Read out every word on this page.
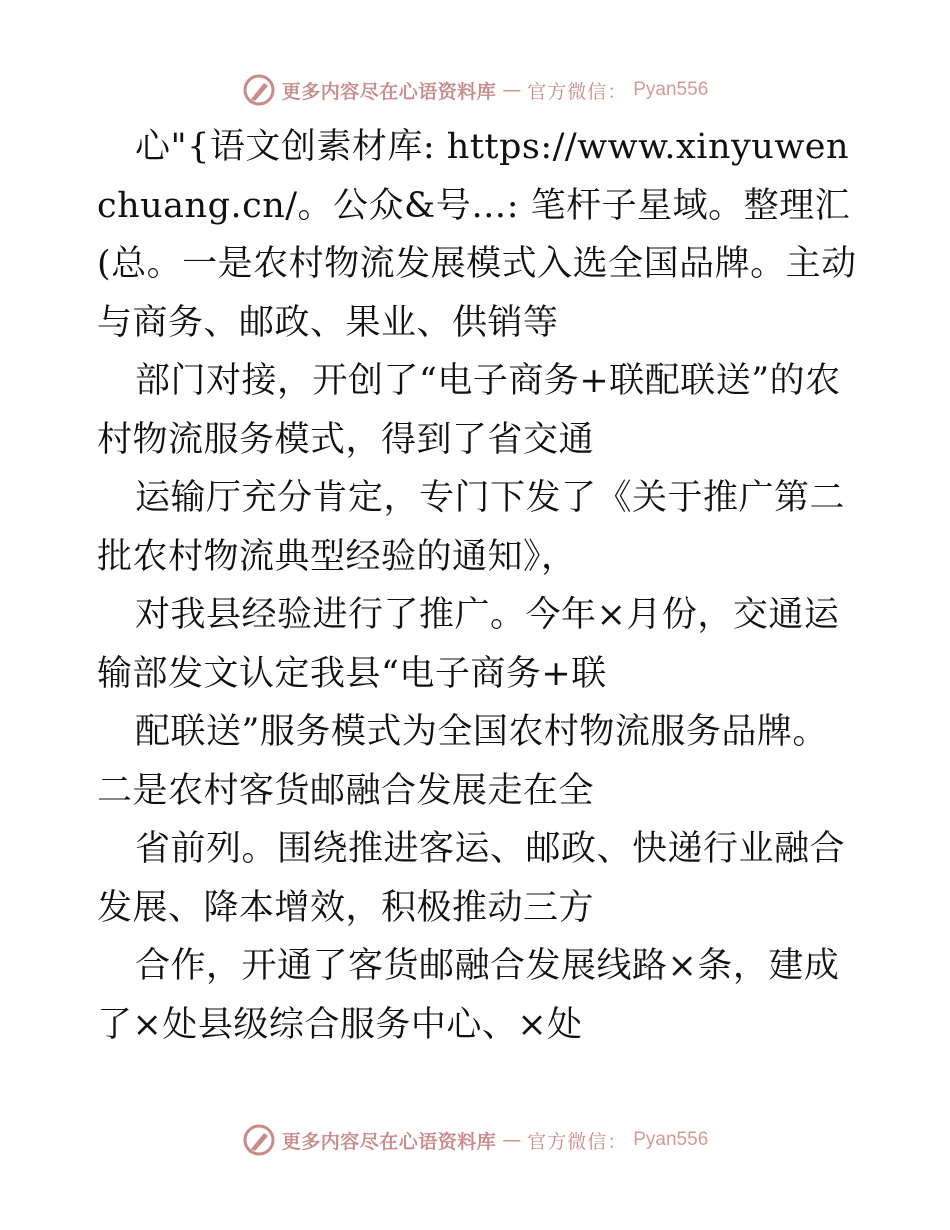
更多内容尽在心语资料库 — 官方微信： Pyan556

心"{语文创素材库: https://www.xinyuwenchuang.cn/。公众&号…: 笔杆子星域。整理汇(总。一是农村物流发展模式入选全国品牌。主动与商务、邮政、果业、供销等

部门对接，开创了“电子商务+联配联送”的农村物流服务模式，得到了省交通

运输厅充分肯定，专门下发了《关于推广第二批农村物流典型经验的通知》，

对我县经验进行了推广。今年×月份，交通运输部发文认定我县“电子商务+联

配联送”服务模式为全国农村物流服务品牌。二是农村客货邮融合发展走在全

省前列。围绕推进客运、邮政、快递行业融合发展、降本增效，积极推动三方

合作，开通了客货邮融合发展线路×条，建成了×处县级综合服务中心、×处

更多内容尽在心语资料库 — 官方微信： Pyan556
